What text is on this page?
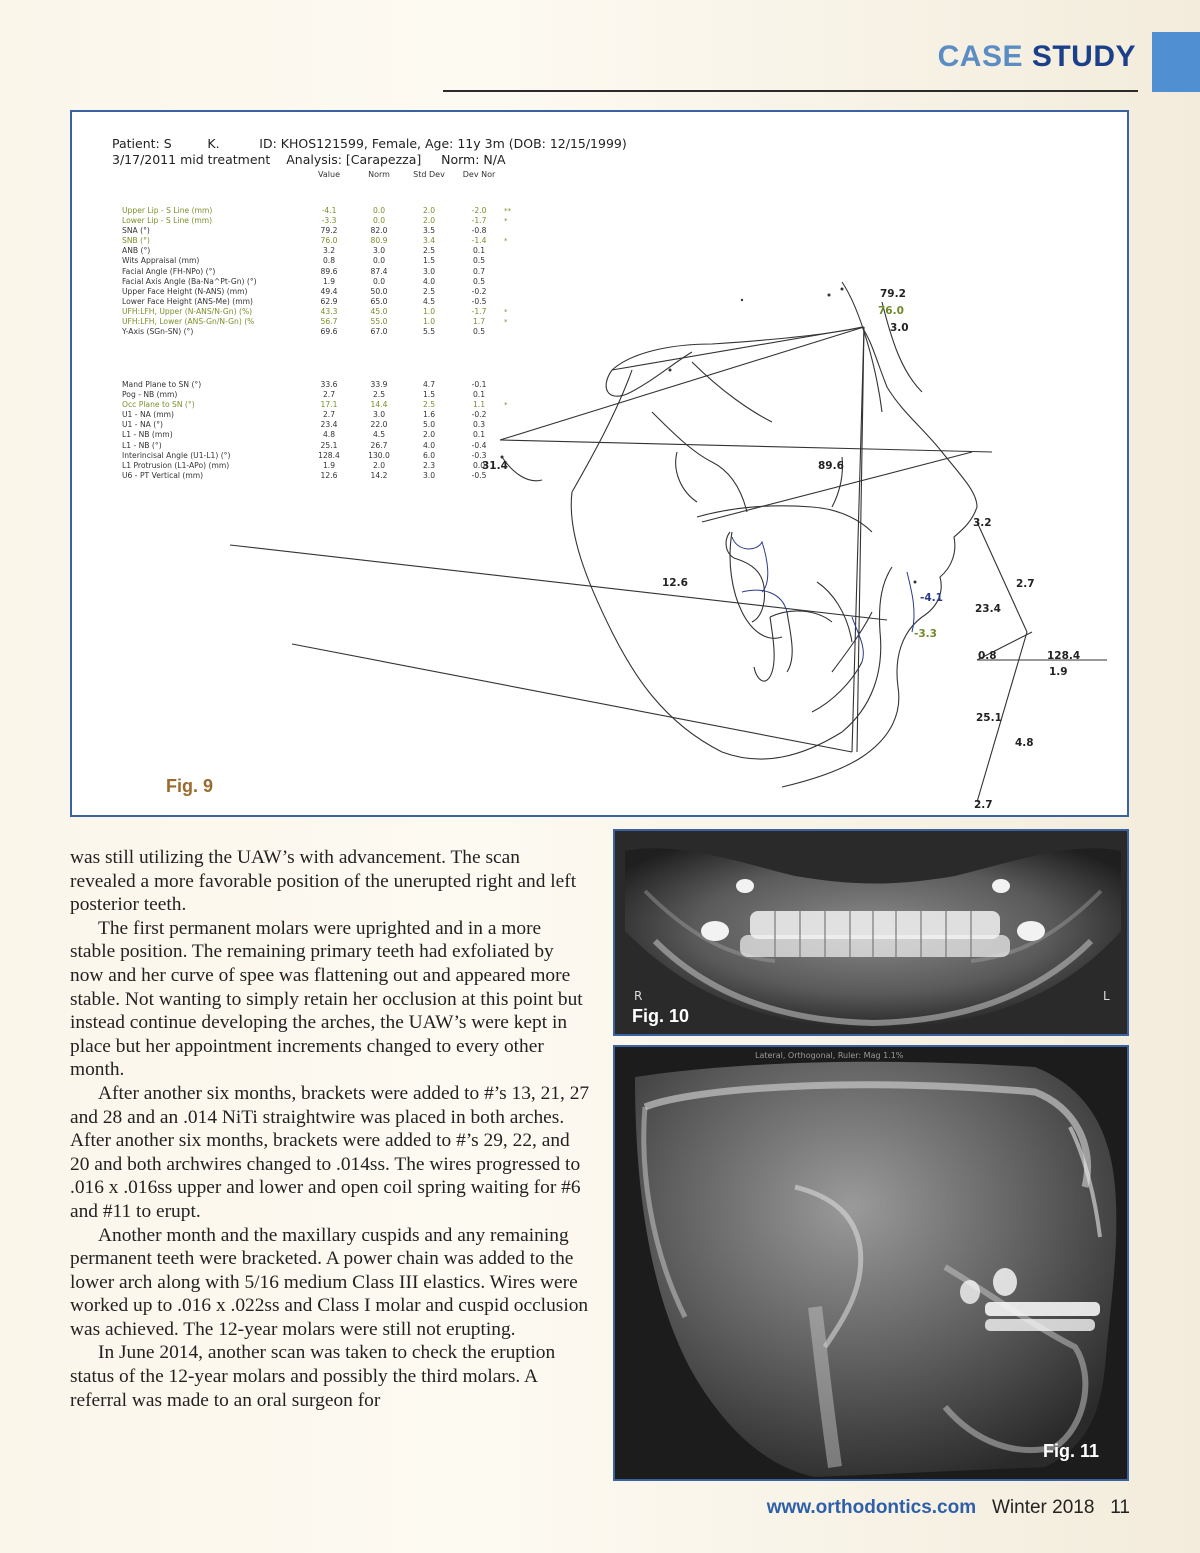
CASE STUDY
Patient: S         K.          ID: KHOS121599, Female, Age: 11y 3m (DOB: 12/15/1999)
3/17/2011 mid treatment    Analysis: [Carapezza]     Norm: N/A
Value	Norm	Std Dev	Dev Nor
Upper Lip - S Line (mm)	-4.1	0.0	2.0	-2.0	**
Lower Lip - S Line (mm)	-3.3	0.0	2.0	-1.7	*
SNA (°)	79.2	82.0	3.5	-0.8	
SNB (°)	76.0	80.9	3.4	-1.4	*
ANB (°)	3.2	3.0	2.5	0.1	
Wits Appraisal (mm)	0.8	0.0	1.5	0.5	
Facial Angle (FH-NPo) (°)	89.6	87.4	3.0	0.7	
Facial Axis Angle (Ba-Na^Pt-Gn) (°)	1.9	0.0	4.0	0.5	
Upper Face Height (N-ANS) (mm)	49.4	50.0	2.5	-0.2	
Lower Face Height (ANS-Me) (mm)	62.9	65.0	4.5	-0.5	
UFH:LFH, Upper (N-ANS/N-Gn) (%)	43.3	45.0	1.0	-1.7	*
UFH:LFH, Lower (ANS-Gn/N-Gn) (%	56.7	55.0	1.0	1.7	*
Y-Axis (SGn-SN) (°)	69.6	67.0	5.5	0.5	
Mand Plane to SN (°)	33.6	33.9	4.7	-0.1	
Pog - NB (mm)	2.7	2.5	1.5	0.1	
Occ Plane to SN (°)	17.1	14.4	2.5	1.1	*
U1 - NA (mm)	2.7	3.0	1.6	-0.2	
U1 - NA (°)	23.4	22.0	5.0	0.3	
L1 - NB (mm)	4.8	4.5	2.0	0.1	
L1 - NB (°)	25.1	26.7	4.0	-0.4	
Interincisal Angle (U1-L1) (°)	128.4	130.0	6.0	-0.3	
L1 Protrusion (L1-APo) (mm)	1.9	2.0	2.3	0.0	
U6 - PT Vertical (mm)	12.6	14.2	3.0	-0.5	
79.2
76.0
3.0
31.4	89.6
3.2
12.6
-4.1
-3.3
2.7
23.4
0.8	128.4
1.9
25.1
4.8
2.7
Fig. 9

was still utilizing the UAW’s with advancement. The scan revealed a more favorable position of the unerupted right and left posterior teeth.

The first permanent molars were uprighted and in a more stable position. The remaining primary teeth had exfoliated by now and her curve of spee was flattening out and appeared more stable. Not wanting to simply retain her occlusion at this point but instead continue developing the arches, the UAW’s were kept in place but her appointment increments changed to every other month.

After another six months, brackets were added to #’s 13, 21, 27 and 28 and an .014 NiTi straightwire was placed in both arches. After another six months, brackets were added to #’s 29, 22, and 20 and both archwires changed to .014ss. The wires progressed to .016 x .016ss upper and lower and open coil spring waiting for #6 and #11 to erupt.

Another month and the maxillary cuspids and any remaining permanent teeth were bracketed. A power chain was added to the lower arch along with 5/16 medium Class III elastics. Wires were worked up to .016 x .022ss and Class I molar and cuspid occlusion was achieved. The 12-year molars were still not erupting.

In June 2014, another scan was taken to check the eruption status of the 12-year molars and possibly the third molars. A referral was made to an oral surgeon for

R	L
Fig. 10
Lateral, Orthogonal, Ruler: Mag 1.1%
Fig. 11
www.orthodontics.com Winter 2018 11
